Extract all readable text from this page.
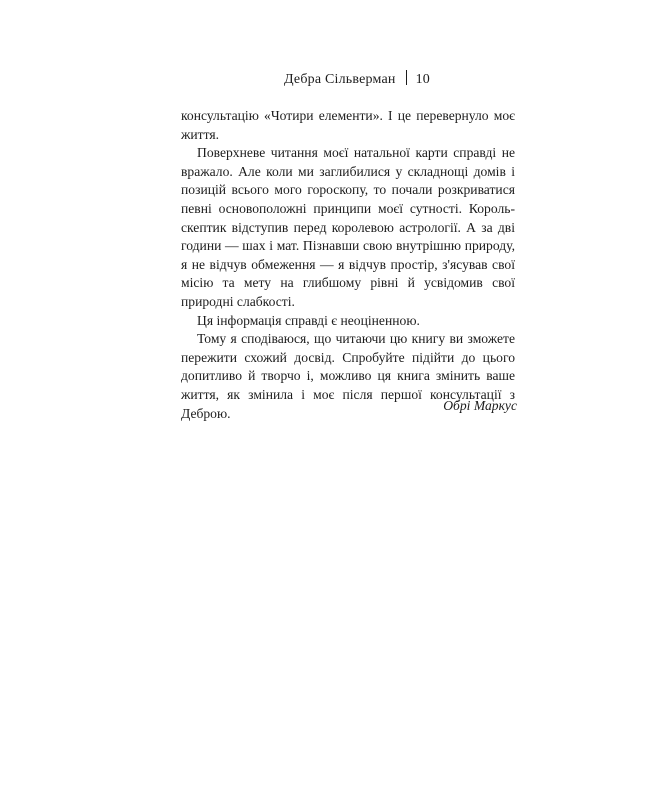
Дебра Сільверман 10

консультацію «Чотири елементи». І це перевернуло моє життя.

Поверхневе читання моєї натальної карти справді не вражало. Але коли ми заглибилися у складнощі домів і позицій всього мого гороскопу, то почали розкриватися певні основоположні принципи моєї сутності. Король-скептик відступив перед королевою астрології. А за дві години — шах і мат. Пізнавши свою внутрішню природу, я не відчув обмеження — я відчув простір, з'ясував свої місію та мету на глибшому рівні й усвідомив свої природні слабкості.

Ця інформація справді є неоціненною.

Тому я сподіваюся, що читаючи цю книгу ви зможете пережити схожий досвід. Спробуйте підійти до цього допитливо й творчо і, можливо ця книга змінить ваше життя, як змінила і моє після першої консультації з Деброю.	Обрі Маркус
